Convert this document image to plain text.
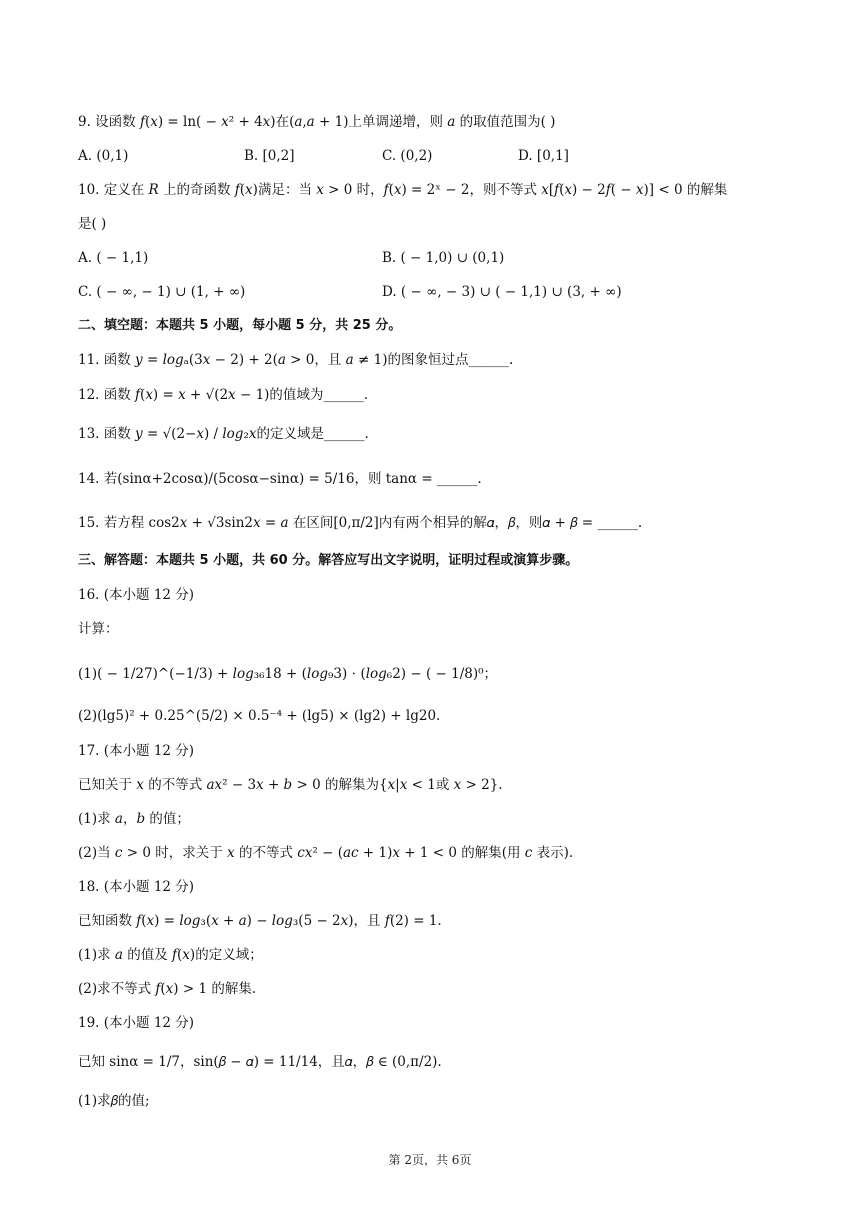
9. 设函数 𝑓(𝑥) = ln( − 𝑥² + 4𝑥)在(𝑎,𝑎 + 1)上单调递增，则 𝑎 的取值范围为( )
A. (0,1)	B. [0,2]	C. (0,2)	D. [0,1]
10. 定义在 𝑅 上的奇函数 𝑓(𝑥)满足：当 𝑥 > 0 时，𝑓(𝑥) = 2ˣ − 2，则不等式 𝑥[𝑓(𝑥) − 2𝑓( − 𝑥)] < 0 的解集
是( )
A. ( − 1,1)	B. ( − 1,0) ∪ (0,1)
C. ( − ∞, − 1) ∪ (1, + ∞)	D. ( − ∞, − 3) ∪ ( − 1,1) ∪ (3, + ∞)
二、填空题：本题共 5 小题，每小题 5 分，共 25 分。
11. 函数 𝑦 = 𝑙𝑜𝑔ₐ(3𝑥 − 2) + 2(𝑎 > 0，且 𝑎 ≠ 1)的图象恒过点______.
12. 函数 𝑓(𝑥) = 𝑥 + √(2𝑥 − 1)的值域为______.
13. 函数 𝑦 = √(2−𝑥) / 𝑙𝑜𝑔₂𝑥的定义域是______.
14. 若(sinα+2cosα)/(5cosα−sinα) = 5/16，则 tanα = ______.
15. 若方程 cos2𝑥 + √3sin2𝑥 = 𝑎 在区间[0,π/2]内有两个相异的解𝛼，𝛽，则𝛼 + 𝛽 = ______.
三、解答题：本题共 5 小题，共 60 分。解答应写出文字说明，证明过程或演算步骤。
16. (本小题 12 分)
计算：
(1)( − 1/27)^(−1/3) + 𝑙𝑜𝑔₃₆18 + (𝑙𝑜𝑔₉3) ⋅ (𝑙𝑜𝑔₆2) − ( − 1/8)⁰；
(2)(lg5)² + 0.25^(5/2) × 0.5⁻⁴ + (lg5) × (lg2) + lg20.
17. (本小题 12 分)
已知关于 𝑥 的不等式 𝑎𝑥² − 3𝑥 + 𝑏 > 0 的解集为{𝑥|𝑥 < 1或 𝑥 > 2}.
(1)求 𝑎，𝑏 的值；
(2)当 𝑐 > 0 时，求关于 𝑥 的不等式 𝑐𝑥² − (𝑎𝑐 + 1)𝑥 + 1 < 0 的解集(用 𝑐 表示).
18. (本小题 12 分)
已知函数 𝑓(𝑥) = 𝑙𝑜𝑔₃(𝑥 + 𝑎) − 𝑙𝑜𝑔₃(5 − 2𝑥)，且 𝑓(2) = 1.
(1)求 𝑎 的值及 𝑓(𝑥)的定义域；
(2)求不等式 𝑓(𝑥) > 1 的解集.
19. (本小题 12 分)
已知 sinα = 1/7，sin(𝛽 − 𝛼) = 11/14，且𝛼，𝛽 ∈ (0,π/2).
(1)求𝛽的值;
第 2页，共 6页
